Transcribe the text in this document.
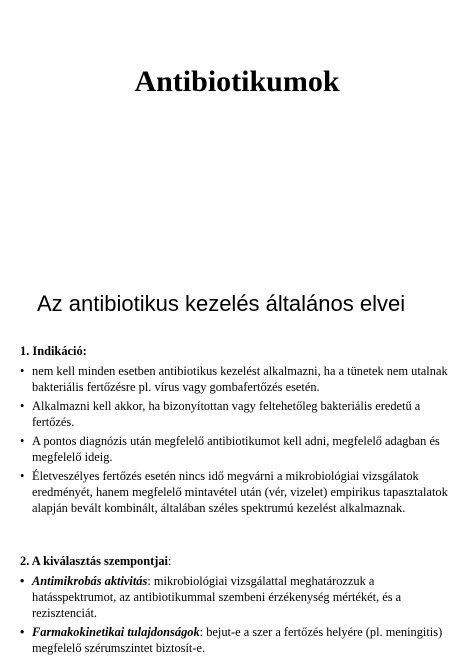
Antibiotikumok
Az antibiotikus kezelés általános elvei
1. Indikáció:
• nem kell minden esetben antibiotikus kezelést alkalmazni, ha a tünetek nem utalnak bakteriális fertőzésre pl. vírus vagy gombafertőzés esetén.
• Alkalmazni kell akkor, ha bizonyítottan vagy feltehetőleg bakteriális eredetű a fertőzés.
• A pontos diagnózis után megfelelő antibiotikumot kell adni, megfelelő adagban és megfelelő ideig.
• Életveszélyes fertőzés esetén nincs idő megvárni a mikrobiológiai vizsgálatok eredményét, hanem megfelelő mintavétel után (vér, vizelet) empirikus tapasztalatok alapján bevált kombinált, általában széles spektrumú kezelést alkalmaznak.
2. A kiválasztás szempontjai:
• Antimikrobás aktivitás: mikrobiológiai vizsgálattal meghatározzuk a hatásspektrumot, az antibiotikummal szembeni érzékenység mértékét, és a rezisztenciát.
• Farmakokinetikai tulajdonságok: bejut-e a szer a fertőzés helyére (pl. meningitis) megfelelő szérumszintet biztosít-e.
